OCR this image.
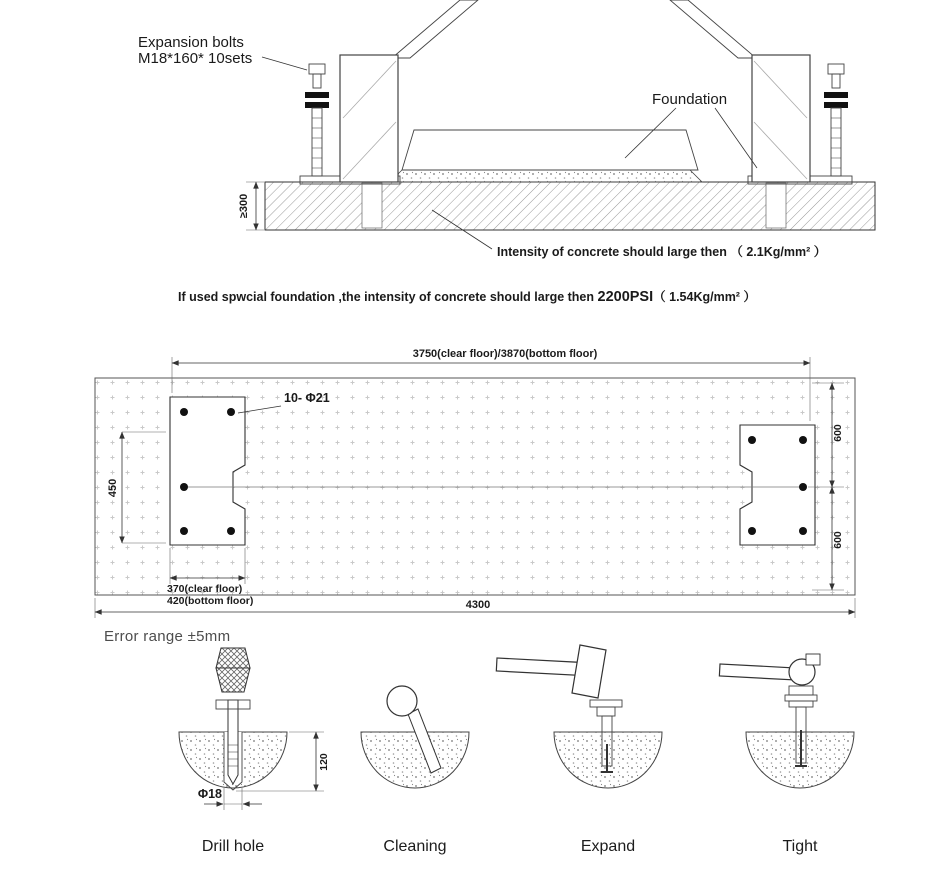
Expansion bolts
M18*160* 10sets
Foundation
≥300
Intensity of concrete should large then （ 2.1Kg/mm² ）
If used spwcial foundation ,the intensity of concrete should large then 2200PSI（ 1.54Kg/mm² ）
3750(clear floor)/3870(bottom floor)
10- Φ21
450
600
600
370(clear floor)
420(bottom floor)	4300
Error range ±5mm
120
Φ18
Drill hole	Cleaning	Expand	Tight
